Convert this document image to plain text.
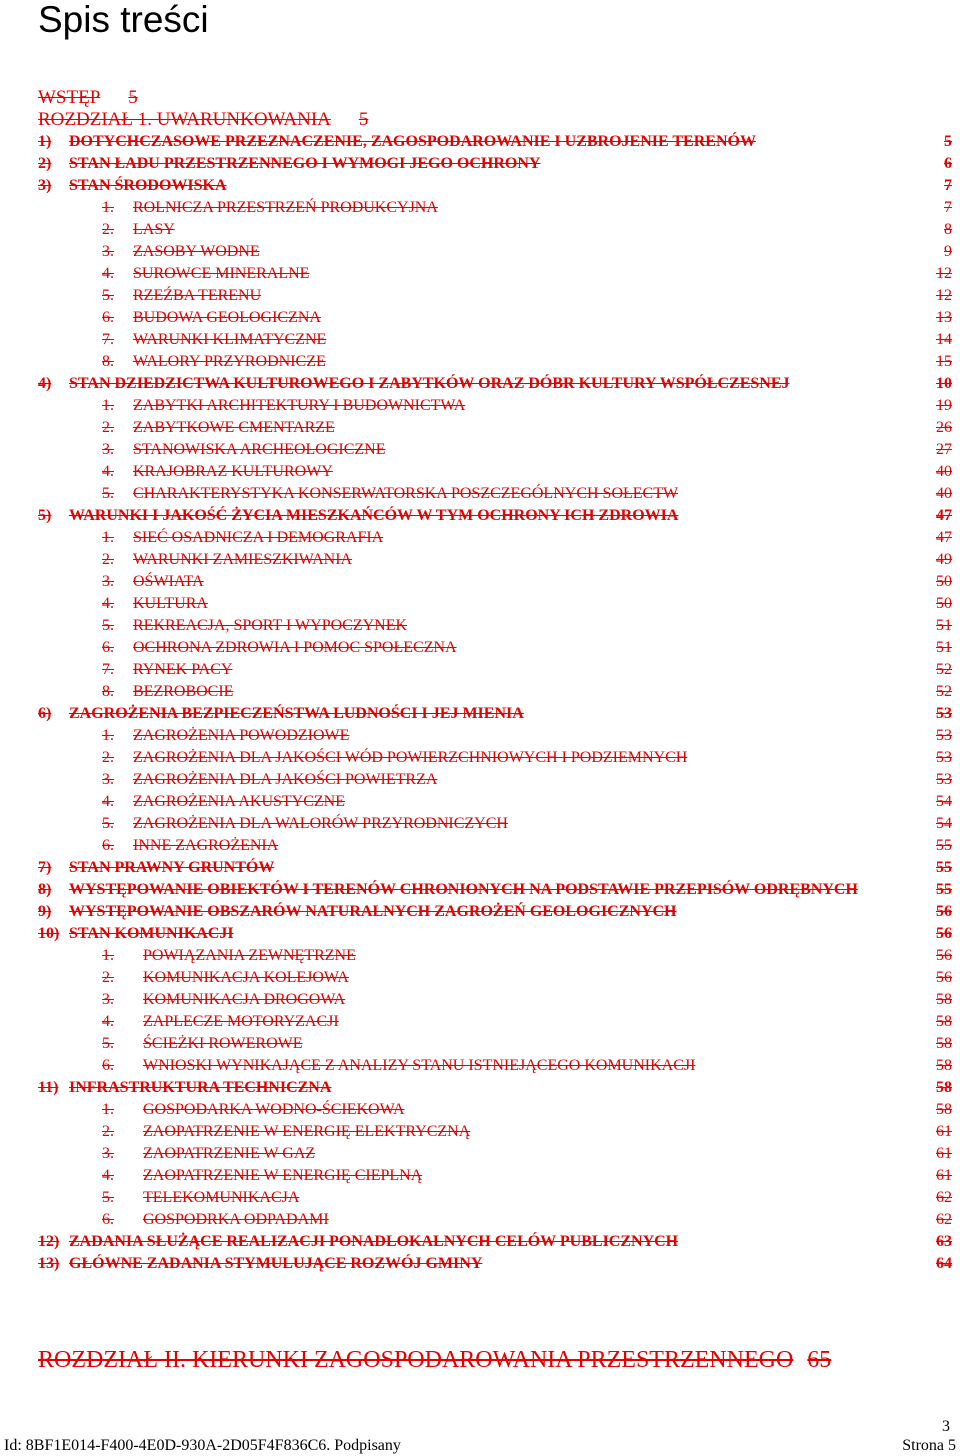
Spis treści
WSTĘP 5
ROZDZIAŁ 1. UWARUNKOWANIA 5
1)	DOTYCHCZASOWE PRZEZNACZENIE, ZAGOSPODAROWANIE I UZBROJENIE TERENÓW	5
2)	STAN ŁADU PRZESTRZENNEGO I WYMOGI JEGO OCHRONY	6
3)	STAN ŚRODOWISKA	7
1.	ROLNICZA PRZESTRZEŃ PRODUKCYJNA	7
2.	LASY	8
3.	ZASOBY WODNE	9
4.	SUROWCE MINERALNE	12
5.	RZEŹBA TERENU	12
6.	BUDOWA GEOLOGICZNA	13
7.	WARUNKI KLIMATYCZNE	14
8.	WALORY PRZYRODNICZE	15
4)	STAN DZIEDZICTWA KULTUROWEGO I ZABYTKÓW ORAZ DÓBR KULTURY WSPÓŁCZESNEJ	10
1.	ZABYTKI ARCHITEKTURY I BUDOWNICTWA	19
2.	ZABYTKOWE CMENTARZE	26
3.	STANOWISKA ARCHEOLOGICZNE	27
4.	KRAJOBRAZ KULTUROWY	40
5.	CHARAKTERYSTYKA KONSERWATORSKA POSZCZEGÓLNYCH SOŁECTW	40
5)	WARUNKI I JAKOŚĆ ŻYCIA MIESZKAŃCÓW W TYM OCHRONY ICH ZDROWIA	47
1.	SIEĆ OSADNICZA I DEMOGRAFIA	47
2.	WARUNKI ZAMIESZKIWANIA	49
3.	OŚWIATA	50
4.	KULTURA	50
5.	REKREACJA, SPORT I WYPOCZYNEK	51
6.	OCHRONA ZDROWIA I POMOC SPOŁECZNA	51
7.	RYNEK PACY	52
8.	BEZROBOCIE	52
6)	ZAGROŻENIA BEZPIECZEŃSTWA LUDNOŚCI I JEJ MIENIA	53
1.	ZAGROŻENIA POWODZIOWE	53
2.	ZAGROŻENIA DLA JAKOŚCI WÓD POWIERZCHNIOWYCH I PODZIEMNYCH	53
3.	ZAGROŻENIA DLA JAKOŚCI POWIETRZA	53
4.	ZAGROŻENIA AKUSTYCZNE	54
5.	ZAGROŻENIA DLA WALORÓW PRZYRODNICZYCH	54
6.	INNE ZAGROŻENIA	55
7)	STAN PRAWNY GRUNTÓW	55
8)	WYSTĘPOWANIE OBIEKTÓW I TERENÓW CHRONIONYCH NA PODSTAWIE PRZEPISÓW ODRĘBNYCH	55
9)	WYSTĘPOWANIE OBSZARÓW NATURALNYCH ZAGROŻEŃ GEOLOGICZNYCH	56
10) STAN KOMUNIKACJI	56
1.	POWIĄZANIA ZEWNĘTRZNE	56
2.	KOMUNIKACJA KOLEJOWA	56
3.	KOMUNIKACJA DROGOWA	58
4.	ZAPLECZE MOTORYZACJI	58
5.	ŚCIEŻKI ROWEROWE	58
6.	WNIOSKI WYNIKAJĄCE Z ANALIZY STANU ISTNIEJĄCEGO KOMUNIKACJI	58
11) INFRASTRUKTURA TECHNICZNA	58
1.	GOSPODARKA WODNO-ŚCIEKOWA	58
2.	ZAOPATRZENIE W ENERGIĘ ELEKTRYCZNĄ	61
3.	ZAOPATRZENIE W GAZ	61
4.	ZAOPATRZENIE W ENERGIĘ CIEPLNĄ	61
5.	TELEKOMUNIKACJA	62
6.	GOSPODRKA ODPADAMI	62
12) ZADANIA SŁUŻĄCE REALIZACJI PONADLOKALNYCH CELÓW PUBLICZNYCH	63
13) GŁÓWNE ZADANIA STYMULUJĄCE ROZWÓJ GMINY	64
ROZDZIAŁ II. KIERUNKI ZAGOSPODAROWANIA PRZESTRZENNEGO 65
3
Id: 8BF1E014-F400-4E0D-930A-2D05F4F836C6. Podpisany	Strona 5
